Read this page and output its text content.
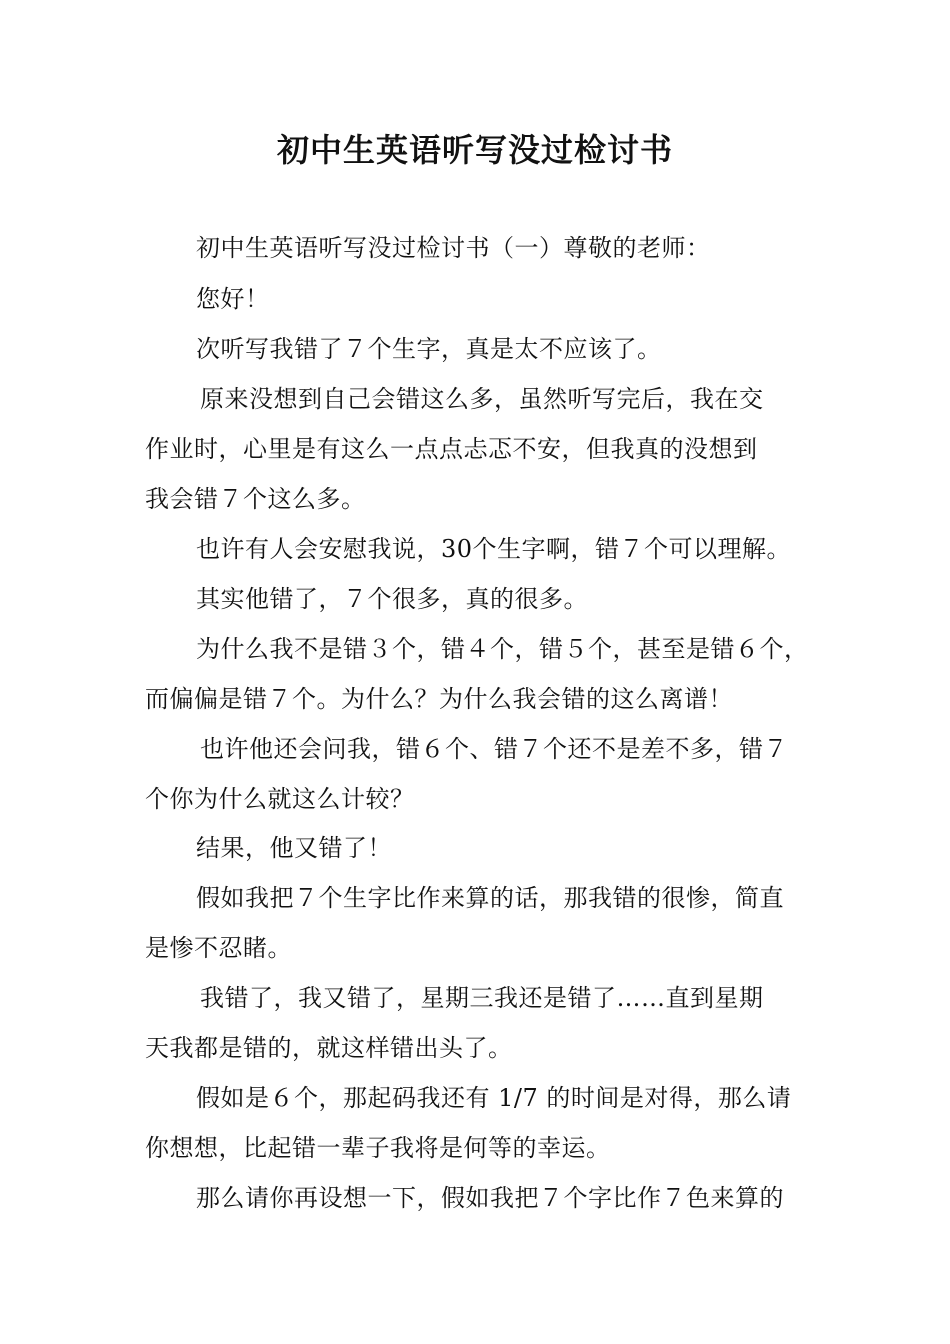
初中生英语听写没过检讨书
初中生英语听写没过检讨书（一）尊敬的老师：
您好！
次听写我错了７个生字，真是太不应该了。
原来没想到自己会错这么多，虽然听写完后，我在交
作业时，心里是有这么一点点忐忑不安，但我真的没想到
我会错７个这么多。
也许有人会安慰我说，30个生字啊，错７个可以理解。
其实他错了，７个很多，真的很多。
为什么我不是错３个，错４个，错５个，甚至是错６个，
而偏偏是错７个。为什么？为什么我会错的这么离谱！
也许他还会问我，错６个、错７个还不是差不多，错７
个你为什么就这么计较？
结果，他又错了！
假如我把７个生字比作来算的话，那我错的很惨，简直
是惨不忍睹。
我错了，我又错了，星期三我还是错了……直到星期
天我都是错的，就这样错出头了。
假如是６个，那起码我还有 1/7 的时间是对得，那么请
你想想，比起错一辈子我将是何等的幸运。
那么请你再设想一下，假如我把７个字比作７色来算的
